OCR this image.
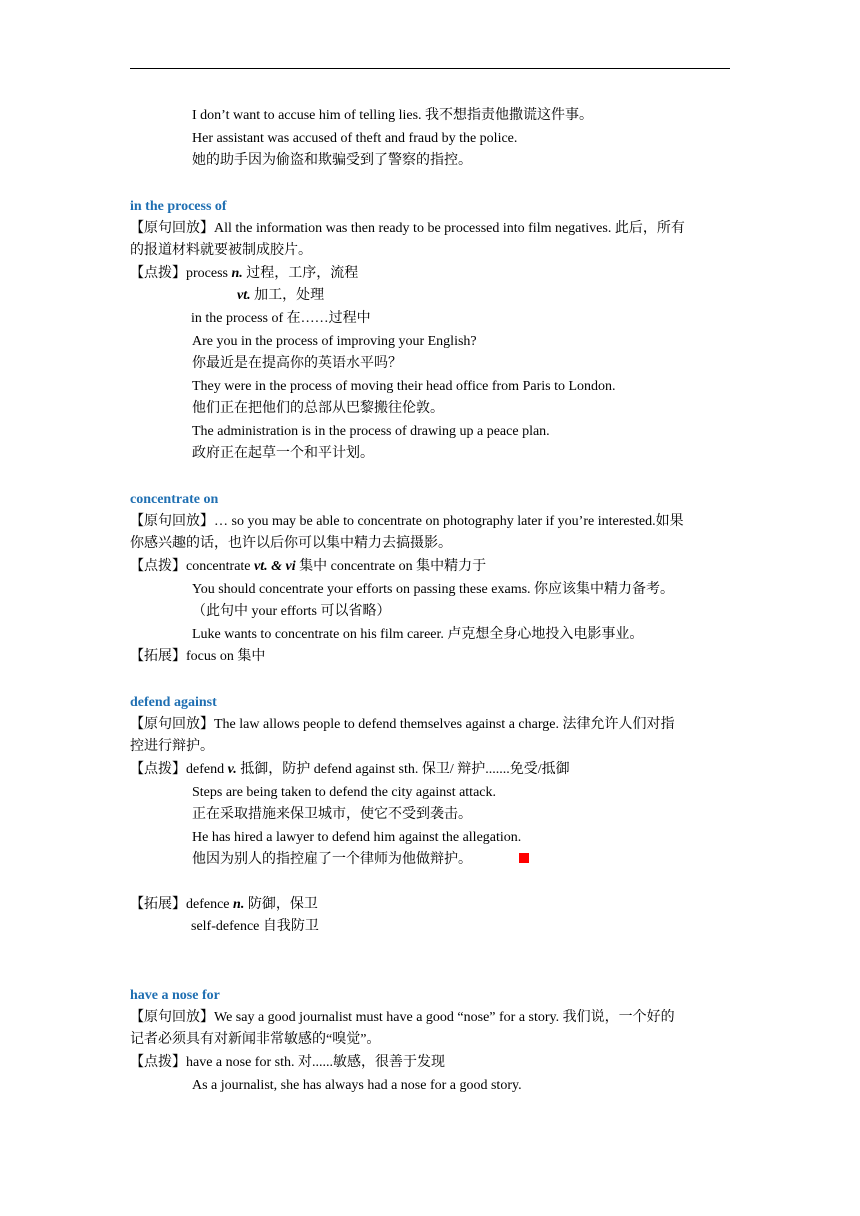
I don’t want to accuse him of telling lies. 我不想指责他撒谎这件事。
Her assistant was accused of theft and fraud by the police.
她的助手因为偷盗和欺骗受到了警察的指控。
in the process of
【原句回放】All the information was then ready to be processed into film negatives. 此后，所有
的报道材料就要被制成胶片。
【点拨】process n. 过程，工序，流程
vt. 加工，处理
in the process of 在……过程中
Are you in the process of improving your English?
你最近是在提高你的英语水平吗？
They were in the process of moving their head office from Paris to London.
他们正在把他们的总部从巴黎搬往伦敦。
The administration is in the process of drawing up a peace plan.
政府正在起草一个和平计划。
concentrate on
【原句回放】… so you may be able to concentrate on photography later if you’re interested.如果
你感兴趣的话，也许以后你可以集中精力去搞摄影。
【点拨】concentrate vt. & vi 集中 concentrate on 集中精力于
You should concentrate your efforts on passing these exams. 你应该集中精力备考。
（此句中 your efforts 可以省略）
Luke wants to concentrate on his film career. 卢克想全身心地投入电影事业。
【拓展】focus on 集中
defend against
【原句回放】The law allows people to defend themselves against a charge. 法律允许人们对指
控进行辩护。
【点拨】defend v. 抵御，防护 defend against sth. 保卫/ 辩护.......免受/抵御
Steps are being taken to defend the city against attack.
正在采取措施来保卫城市，使它不受到袭击。
He has hired a lawyer to defend him against the allegation.
他因为别人的指控雇了一个律师为他做辩护。
【拓展】defence n. 防御，保卫
self-defence 自我防卫
have a nose for
【原句回放】We say a good journalist must have a good “nose” for a story. 我们说，一个好的
记者必须具有对新闻非常敏感的“嗅觉”。
【点拨】have a nose for sth. 对......敏感，很善于发现
As a journalist, she has always had a nose for a good story.
